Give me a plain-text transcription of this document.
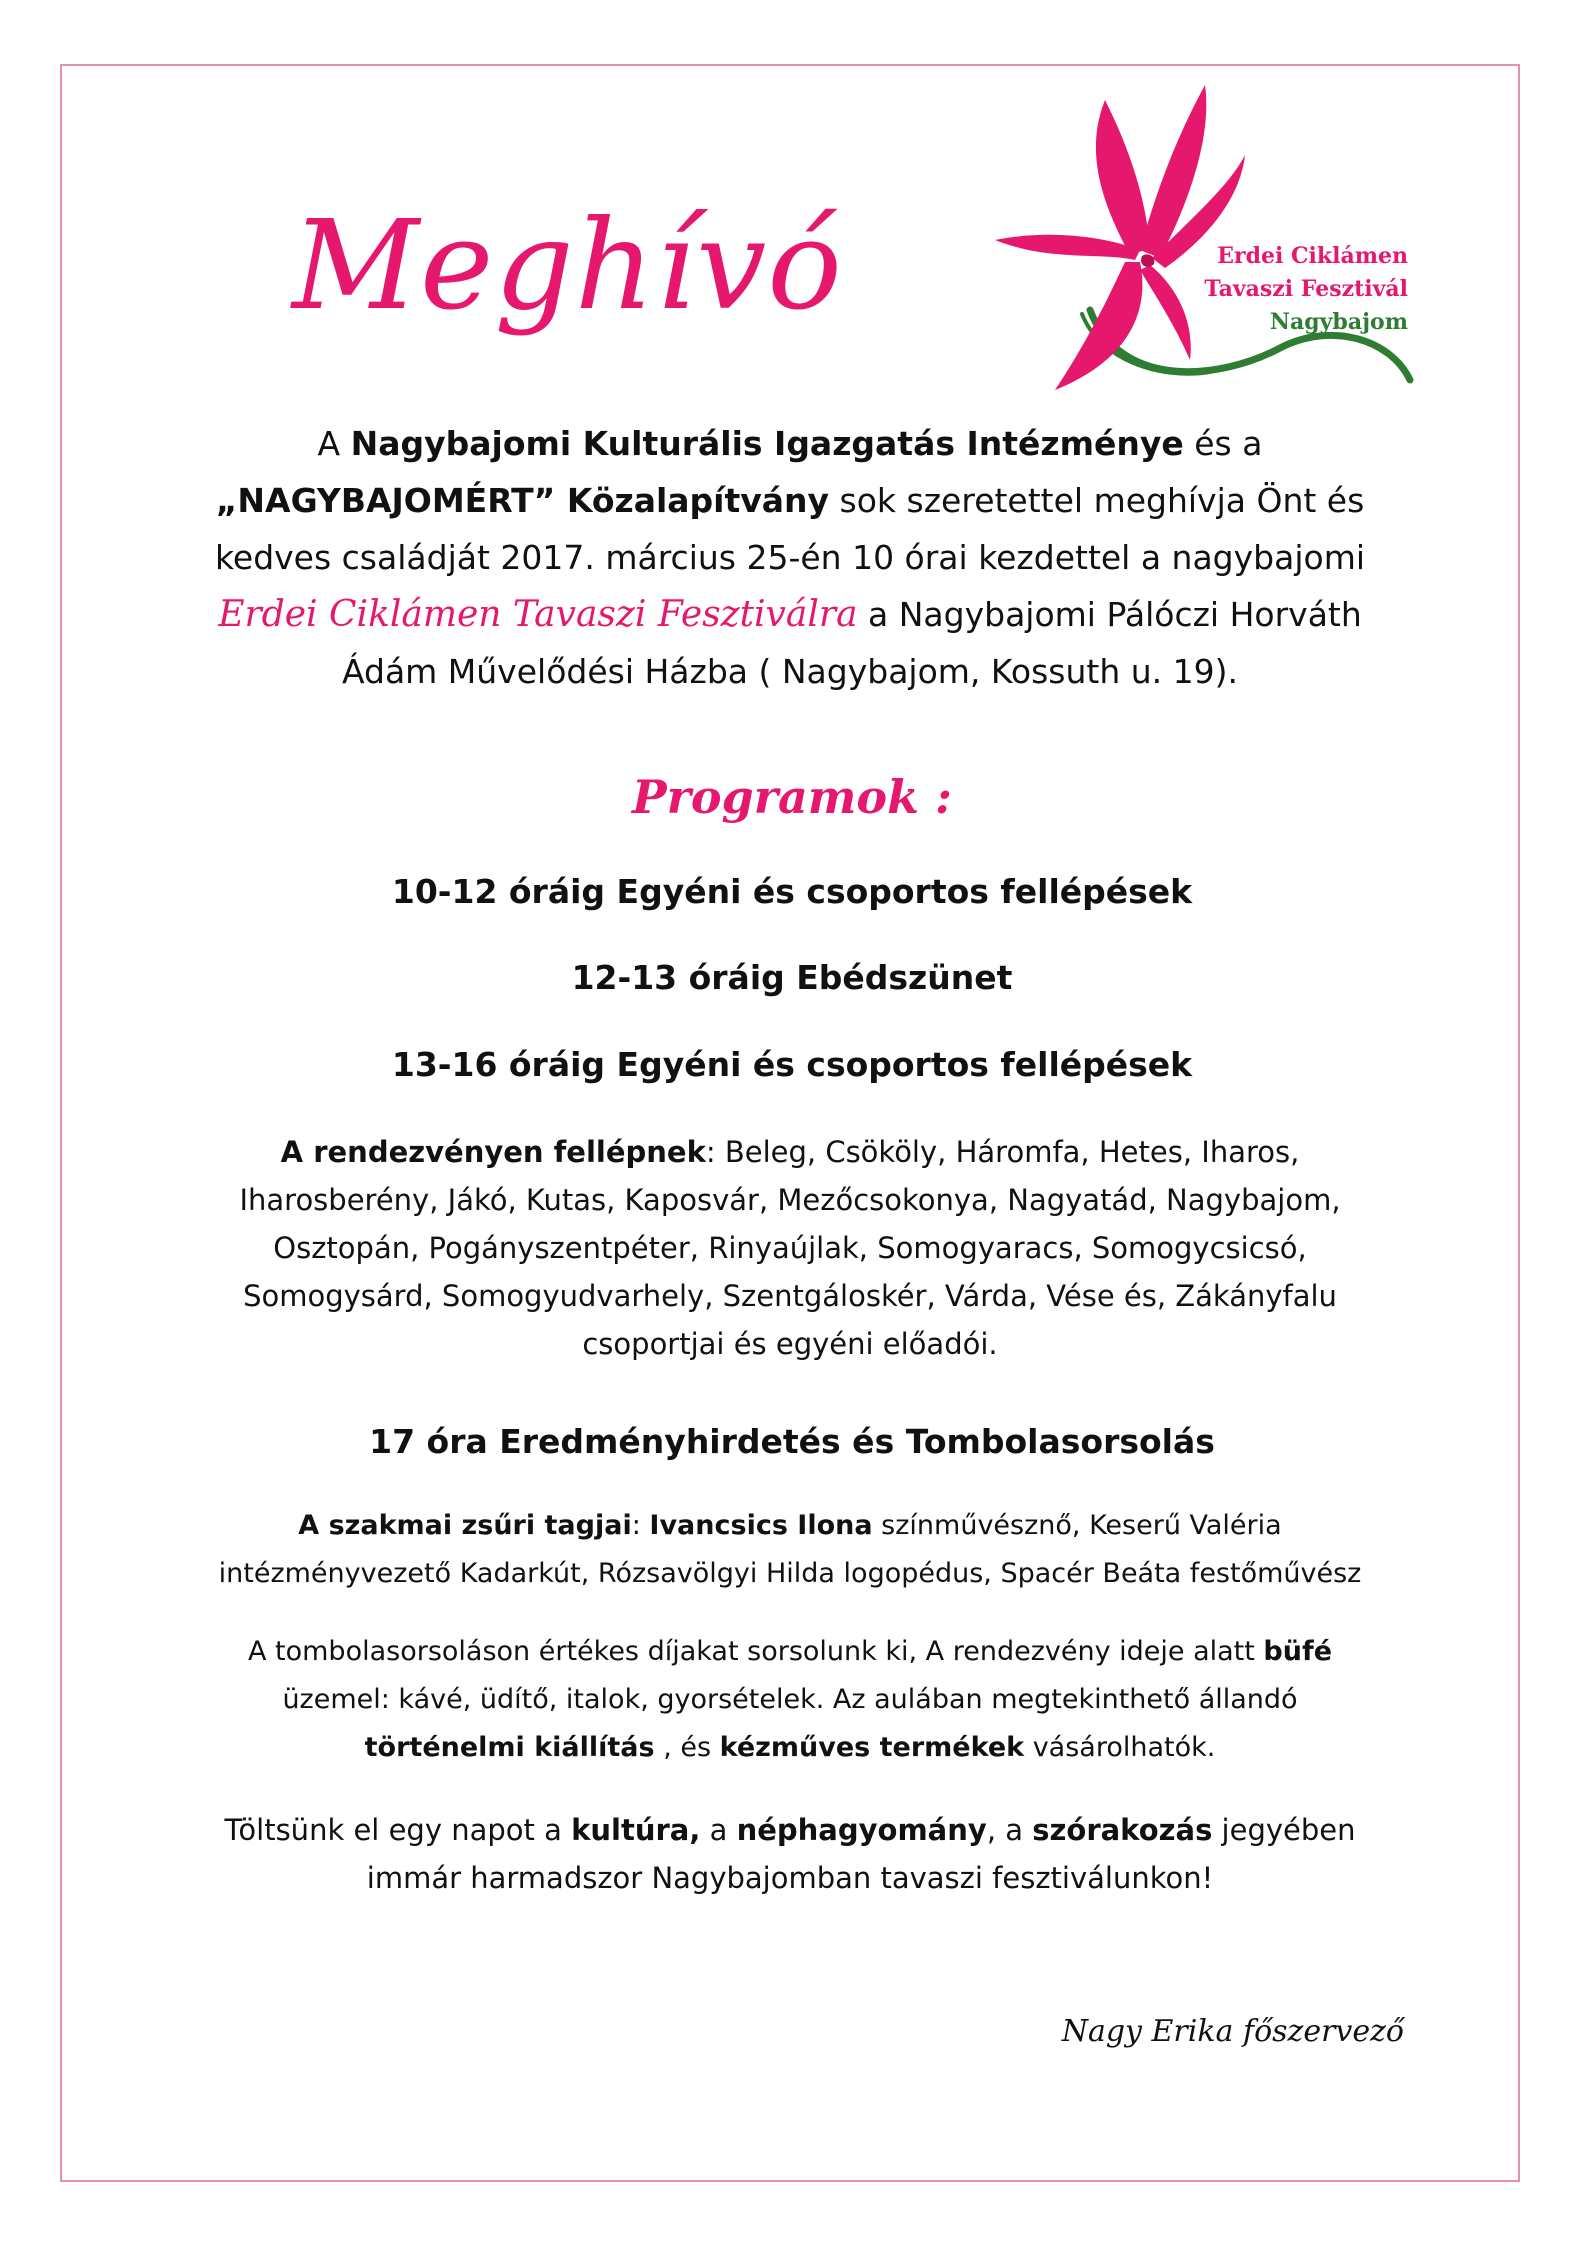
Meghívó	Erdei Ciklámen
Tavaszi Fesztivál
Nagybajom
A Nagybajomi Kulturális Igazgatás Intézménye és a
„NAGYBAJOMÉRT” Közalapítvány sok szeretettel meghívja Önt és
kedves családját 2017. március 25-én 10 órai kezdettel a nagybajomi
Erdei Ciklámen Tavaszi Fesztiválra a Nagybajomi Pálóczi Horváth
Ádám Művelődési Házba ( Nagybajom, Kossuth u. 19).
Programok :
10-12 óráig Egyéni és csoportos fellépések
12-13 óráig Ebédszünet
13-16 óráig Egyéni és csoportos fellépések
A rendezvényen fellépnek: Beleg, Csököly, Háromfa, Hetes, Iharos,
Iharosberény, Jákó, Kutas, Kaposvár, Mezőcsokonya, Nagyatád, Nagybajom,
Osztopán, Pogányszentpéter, Rinyaújlak, Somogyaracs, Somogycsicsó,
Somogysárd, Somogyudvarhely, Szentgáloskér, Várda, Vése és, Zákányfalu
csoportjai és egyéni előadói.
17 óra Eredményhirdetés és Tombolasorsolás
A szakmai zsűri tagjai: Ivancsics Ilona színművésznő, Keserű Valéria
intézményvezető Kadarkút, Rózsavölgyi Hilda logopédus, Spacér Beáta festőművész
A tombolasorsoláson értékes díjakat sorsolunk ki, A rendezvény ideje alatt büfé
üzemel: kávé, üdítő, italok, gyorsételek. Az aulában megtekinthető állandó
történelmi kiállítás , és kézműves termékek vásárolhatók.
Töltsünk el egy napot a kultúra, a néphagyomány, a szórakozás jegyében
immár harmadszor Nagybajomban tavaszi fesztiválunkon!
Nagy Erika főszervező
